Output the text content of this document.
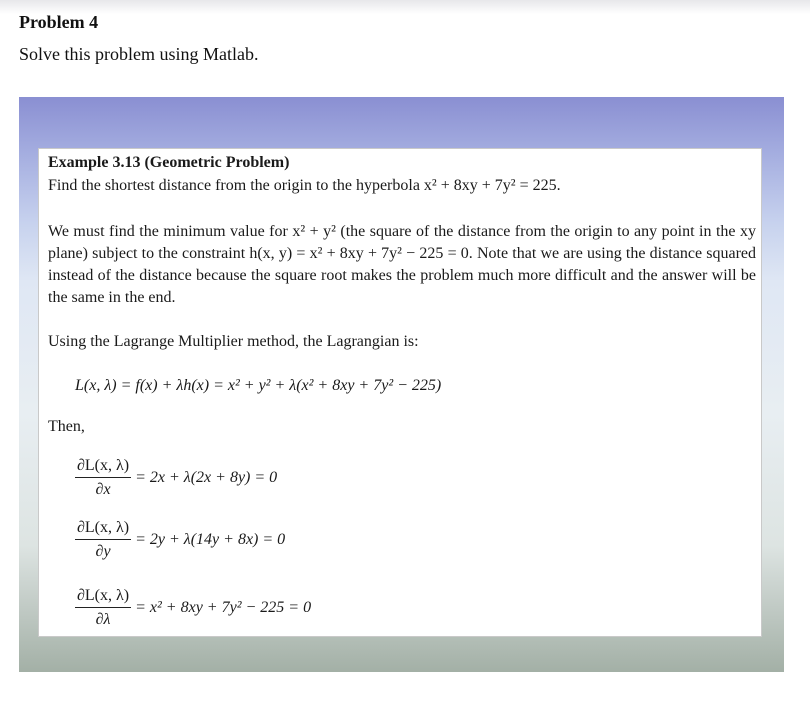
Problem 4
Solve this problem using Matlab.
Example 3.13 (Geometric Problem)
Find the shortest distance from the origin to the hyperbola x² + 8xy + 7y² = 225.
We must find the minimum value for x² + y² (the square of the distance from the origin to any point in the xy plane) subject to the constraint h(x, y) = x² + 8xy + 7y² − 225 = 0. Note that we are using the distance squared instead of the distance because the square root makes the problem much more difficult and the answer will be the same in the end.
Using the Lagrange Multiplier method, the Lagrangian is:
L(x, λ) = f(x) + λh(x) = x² + y² + λ(x² + 8xy + 7y² − 225)
Then,
$\frac{\partial L(x, \lambda)}{\partial x} = 2x + \lambda(2x + 8y) = 0$
$\frac{\partial L(x, \lambda)}{\partial y} = 2y + \lambda(14y + 8x) = 0$
$\frac{\partial L(x, \lambda)}{\partial\lambda} = x^2 + 8xy + 7y^2 - 225 = 0$
